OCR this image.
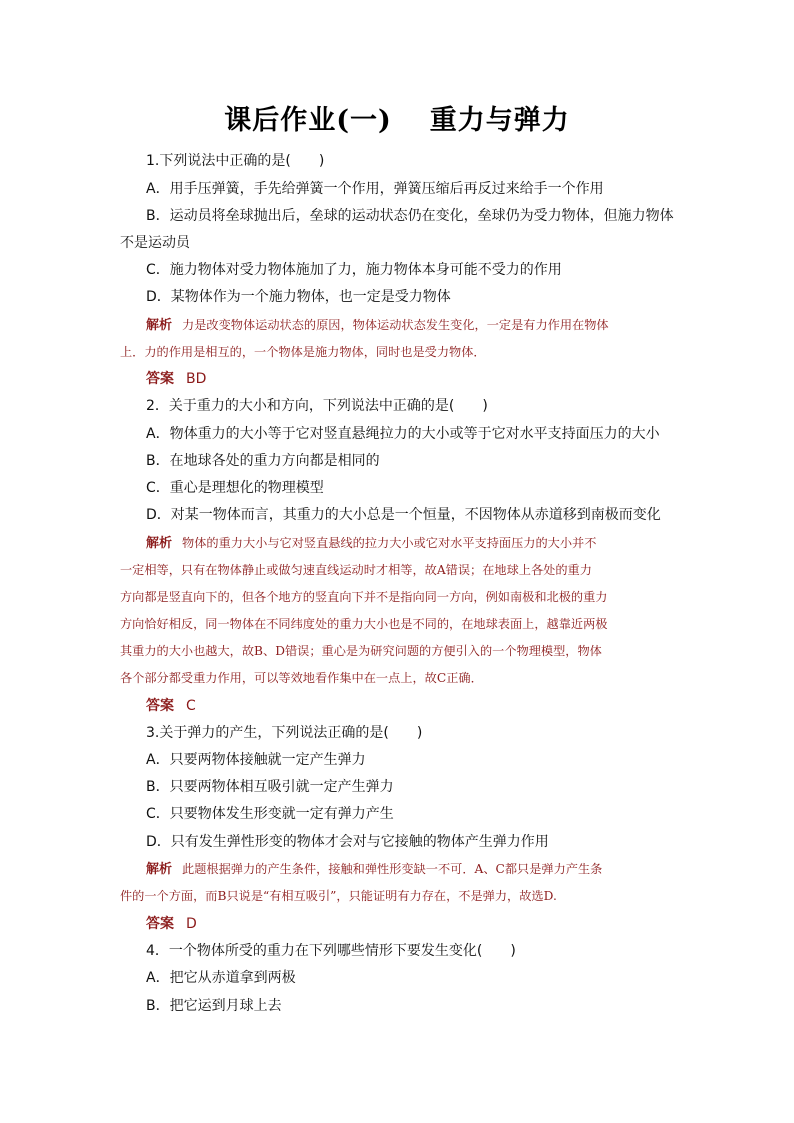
课后作业(一) 重力与弹力
1.下列说法中正确的是(　　)
A．用手压弹簧，手先给弹簧一个作用，弹簧压缩后再反过来给手一个作用
B．运动员将垒球抛出后，垒球的运动状态仍在变化，垒球仍为受力物体，但施力物体
不是运动员
C．施力物体对受力物体施加了力，施力物体本身可能不受力的作用
D．某物体作为一个施力物体，也一定是受力物体
解析 力是改变物体运动状态的原因，物体运动状态发生变化，一定是有力作用在物体
上．力的作用是相互的，一个物体是施力物体，同时也是受力物体．
答案 BD
2．关于重力的大小和方向，下列说法中正确的是(　　)
A．物体重力的大小等于它对竖直悬绳拉力的大小或等于它对水平支持面压力的大小
B．在地球各处的重力方向都是相同的
C．重心是理想化的物理模型
D．对某一物体而言，其重力的大小总是一个恒量，不因物体从赤道移到南极而变化
解析 物体的重力大小与它对竖直悬线的拉力大小或它对水平支持面压力的大小并不
一定相等，只有在物体静止或做匀速直线运动时才相等，故A错误；在地球上各处的重力
方向都是竖直向下的，但各个地方的竖直向下并不是指向同一方向，例如南极和北极的重力
方向恰好相反，同一物体在不同纬度处的重力大小也是不同的，在地球表面上，越靠近两极
其重力的大小也越大，故B、D错误；重心是为研究问题的方便引入的一个物理模型，物体
各个部分都受重力作用，可以等效地看作集中在一点上，故C正确．
答案 C
3.关于弹力的产生，下列说法正确的是(　　)
A．只要两物体接触就一定产生弹力
B．只要两物体相互吸引就一定产生弹力
C．只要物体发生形变就一定有弹力产生
D．只有发生弹性形变的物体才会对与它接触的物体产生弹力作用
解析 此题根据弹力的产生条件，接触和弹性形变缺一不可．A、C都只是弹力产生条
件的一个方面，而B只说是“有相互吸引”，只能证明有力存在，不是弹力，故选D.
答案 D
4．一个物体所受的重力在下列哪些情形下要发生变化(　　)
A．把它从赤道拿到两极
B．把它运到月球上去
